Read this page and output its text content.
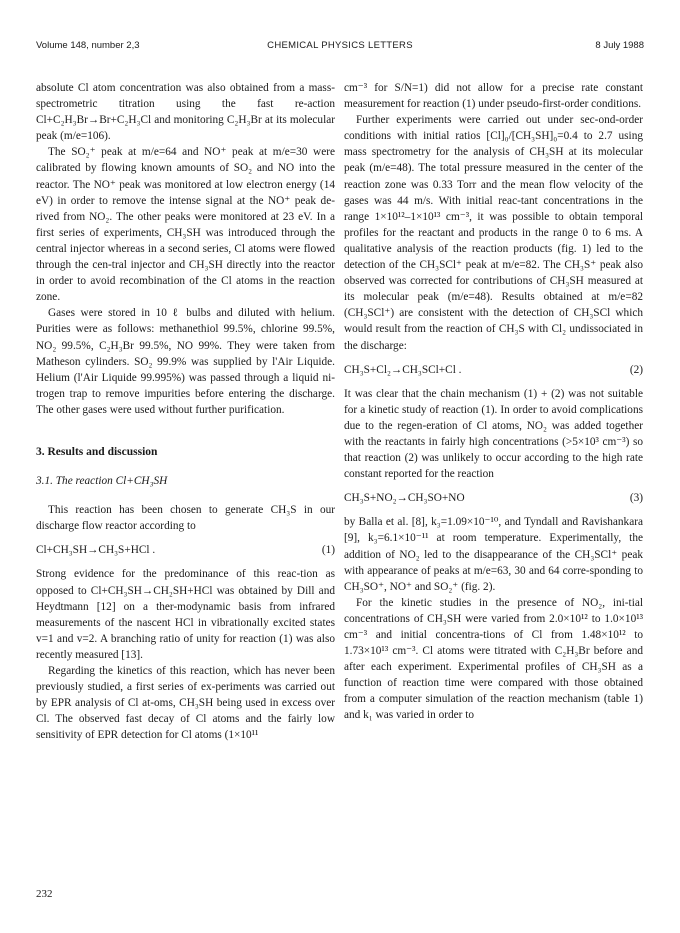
Volume 148, number 2,3	CHEMICAL PHYSICS LETTERS	8 July 1988

absolute Cl atom concentration was also obtained from a mass-spectrometric titration using the fast re-action Cl+C₂H₃Br→Br+C₂H₃Cl and monitoring C₂H₃Br at its molecular peak (m/e=106).

The SO₂⁺ peak at m/e=64 and NO⁺ peak at m/e=30 were calibrated by flowing known amounts of SO₂ and NO into the reactor. The NO⁺ peak was monitored at low electron energy (14 eV) in order to remove the intense signal at the NO⁺ peak de-rived from NO₂. The other peaks were monitored at 23 eV. In a first series of experiments, CH₃SH was introduced through the central injector whereas in a second series, Cl atoms were flowed through the cen-tral injector and CH₃SH directly into the reactor in order to avoid recombination of the Cl atoms in the reaction zone.

Gases were stored in 10 ℓ bulbs and diluted with helium. Purities were as follows: methanethiol 99.5%, chlorine 99.5%, NO₂ 99.5%, C₂H₃Br 99.5%, NO 99%. They were taken from Matheson cylinders. SO₂ 99.9% was supplied by l'Air Liquide. Helium (l'Air Liquide 99.995%) was passed through a liquid ni-trogen trap to remove impurities before entering the discharge. The other gases were used without further purification.

3. Results and discussion
3.1. The reaction Cl+CH₃SH

This reaction has been chosen to generate CH₃S in our discharge flow reactor according to

Cl+CH₃SH→CH₃S+HCl .	(1)

Strong evidence for the predominance of this reac-tion as opposed to Cl+CH₃SH→CH₂SH+HCl was obtained by Dill and Heydtmann [12] on a ther-modynamic basis from infrared measurements of the nascent HCl in vibrationally excited states v=1 and v=2. A branching ratio of unity for reaction (1) was also recently measured [13].

Regarding the kinetics of this reaction, which has never been previously studied, a first series of ex-periments was carried out by EPR analysis of Cl at-oms, CH₃SH being used in excess over Cl. The observed fast decay of Cl atoms and the fairly low sensitivity of EPR detection for Cl atoms (1×10¹¹

cm⁻³ for S/N=1) did not allow for a precise rate constant measurement for reaction (1) under pseudo-first-order conditions.

Further experiments were carried out under sec-ond-order conditions with initial ratios [Cl]₀/[CH₃SH]₀=0.4 to 2.7 using mass spectrometry for the analysis of CH₃SH at its molecular peak (m/e=48). The total pressure measured in the center of the reaction zone was 0.33 Torr and the mean flow velocity of the gases was 44 m/s. With initial reac-tant concentrations in the range 1×10¹²–1×10¹³ cm⁻³, it was possible to obtain temporal profiles for the reactant and products in the range 0 to 6 ms. A qualitative analysis of the reaction products (fig. 1) led to the detection of the CH₃SCl⁺ peak at m/e=82. The CH₃S⁺ peak also observed was corrected for contributions of CH₃SH measured at its molecular peak (m/e=48). Results obtained at m/e=82 (CH₃SCl⁺) are consistent with the detection of CH₃SCl which would result from the reaction of CH₃S with Cl₂ undissociated in the discharge:

CH₃S+Cl₂→CH₃SCl+Cl .	(2)

It was clear that the chain mechanism (1) + (2) was not suitable for a kinetic study of reaction (1). In order to avoid complications due to the regen-eration of Cl atoms, NO₂ was added together with the reactants in fairly high concentrations (>5×10³ cm⁻³) so that reaction (2) was unlikely to occur according to the high rate constant reported for the reaction

CH₃S+NO₂→CH₃SO+NO	(3)

by Balla et al. [8], k₃=1.09×10⁻¹⁰, and Tyndall and Ravishankara [9], k₃=6.1×10⁻¹¹ at room temperature. Experimentally, the addition of NO₂ led to the disappearance of the CH₃SCl⁺ peak with appearance of peaks at m/e=63, 30 and 64 corre-sponding to CH₃SO⁺, NO⁺ and SO₂⁺ (fig. 2).

For the kinetic studies in the presence of NO₂, ini-tial concentrations of CH₃SH were varied from 2.0×10¹² to 1.0×10¹³ cm⁻³ and initial concentra-tions of Cl from 1.48×10¹² to 1.73×10¹³ cm⁻³. Cl atoms were titrated with C₂H₃Br before and after each experiment. Experimental profiles of CH₃SH as a function of reaction time were compared with those obtained from a computer simulation of the reaction mechanism (table 1) and k₁ was varied in order to

232
